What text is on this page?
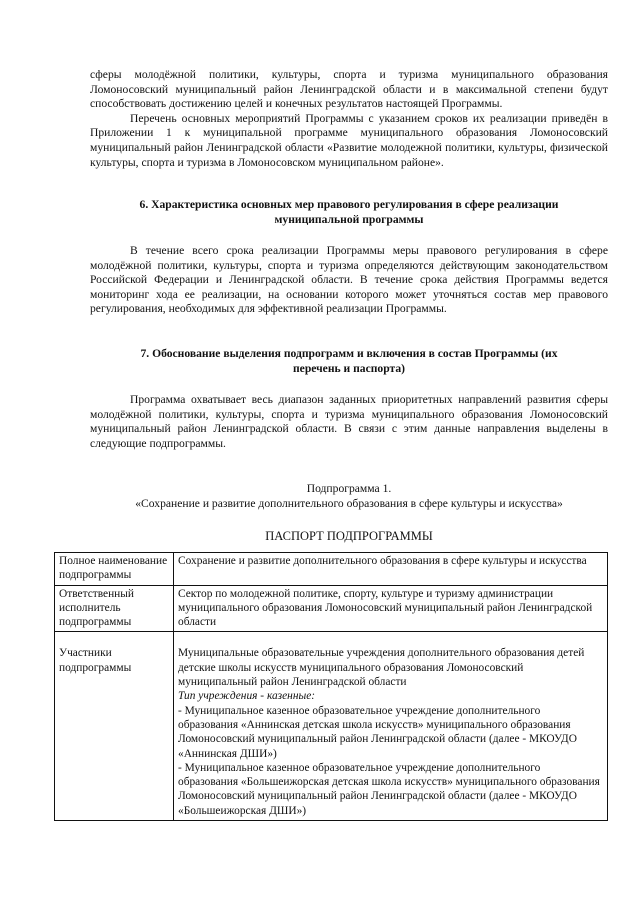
сферы молодёжной политики, культуры, спорта и туризма муниципального образования Ломоносовский муниципальный район Ленинградской области и в максимальной степени будут способствовать достижению целей и конечных результатов настоящей Программы.

Перечень основных мероприятий Программы с указанием сроков их реализации приведён в Приложении 1 к муниципальной программе муниципального образования Ломоносовский муниципальный район Ленинградской области «Развитие молодежной политики, культуры, физической культуры, спорта и туризма в Ломоносовском муниципальном районе».

6. Характеристика основных мер правового регулирования в сфере реализации
муниципальной программы

В течение всего срока реализации Программы меры правового регулирования в сфере молодёжной политики, культуры, спорта и туризма определяются действующим законодательством Российской Федерации и Ленинградской области. В течение срока действия Программы ведется мониторинг хода ее реализации, на основании которого может уточняться состав мер правового регулирования, необходимых для эффективной реализации Программы.

7. Обоснование выделения подпрограмм и включения в состав Программы (их
перечень и паспорта)

Программа охватывает весь диапазон заданных приоритетных направлений развития сферы молодёжной политики, культуры, спорта и туризма муниципального образования Ломоносовский муниципальный район Ленинградской области. В связи с этим данные направления выделены в следующие подпрограммы.

Подпрограмма 1.

«Сохранение и развитие дополнительного образования в сфере культуры и искусства»

ПАСПОРТ ПОДПРОГРАММЫ

Полное наименование подпрограммы	Сохранение и развитие дополнительного образования в сфере культуры и искусства
Ответственный исполнитель подпрограммы	Сектор по молодежной политике, спорту, культуре и туризму администрации муниципального образования Ломоносовский муниципальный район Ленинградской области
Участники подпрограммы	Муниципальные образовательные учреждения дополнительного образования детей детские школы искусств муниципального образования Ломоносовский муниципальный район Ленинградской области
Тип учреждения - казенные:
- Муниципальное казенное образовательное учреждение дополнительного образования «Аннинская детская школа искусств» муниципального образования Ломоносовский муниципальный район Ленинградской области (далее - МКОУДО «Аннинская ДШИ»)
- Муниципальное казенное образовательное учреждение дополнительного образования «Большеижорская детская школа искусств» муниципального образования Ломоносовский муниципальный район Ленинградской области (далее - МКОУДО «Большеижорская ДШИ»)
